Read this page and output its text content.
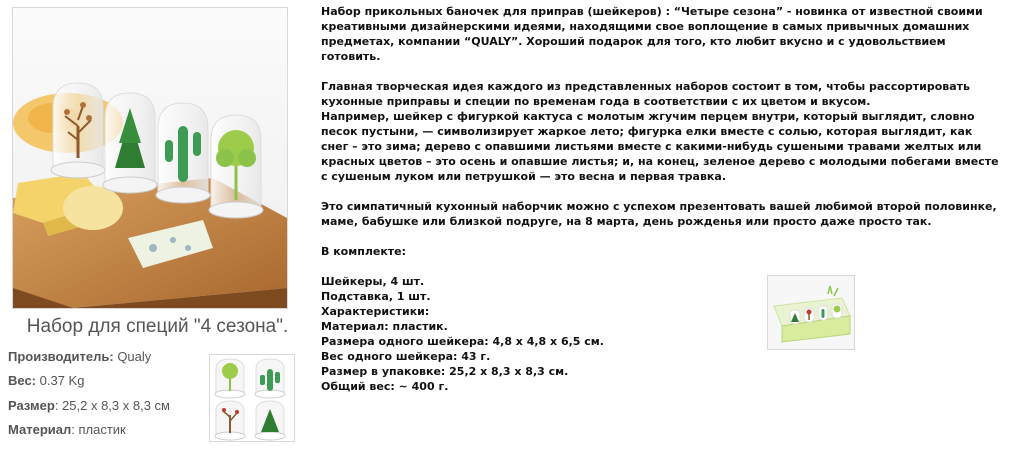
Набор для специй "4 сезона".
Производитель: Qualy
Вес: 0.37 Kg
Размер: 25,2 х 8,3 х 8,3 см
Материал: пластик

Набор прикольных баночек для приправ (шейкеров) : “Четыре сезона” - новинка от известной своими креативными дизайнерскими идеями, находящими свое воплощение в самых привычных домашних предметах, компании “QUALY”. Хороший подарок для того, кто любит вкусно и с удовольствием готовить.

Главная творческая идея каждого из представленных наборов состоит в том, чтобы рассортировать кухонные приправы и специи по временам года в соответствии с их цветом и вкусом.

Например, шейкер с фигуркой кактуса с молотым жгучим перцем внутри, который выглядит, словно песок пустыни, — символизирует жаркое лето; фигурка елки вместе с солью, которая выглядит, как снег – это зима; дерево с опавшими листьями вместе с какими-нибудь сушеными травами желтых или красных цветов – это осень и опавшие листья; и, на конец, зеленое дерево с молодыми побегами вместе с сушеным луком или петрушкой — это весна и первая травка.

Это симпатичный кухонный наборчик можно с успехом презентовать вашей любимой второй половинке, маме, бабушке или близкой подруге, на 8 марта, день рожденья или просто даже просто так.

В комплекте:

Шейкеры, 4 шт.

Подставка, 1 шт.

Характеристики:

Материал: пластик.

Размера одного шейкера: 4,8 х 4,8 х 6,5 см.

Вес одного шейкера: 43 г.

Размер в упаковке: 25,2 х 8,3 х 8,3 см.

Общий вес: ~ 400 г.
